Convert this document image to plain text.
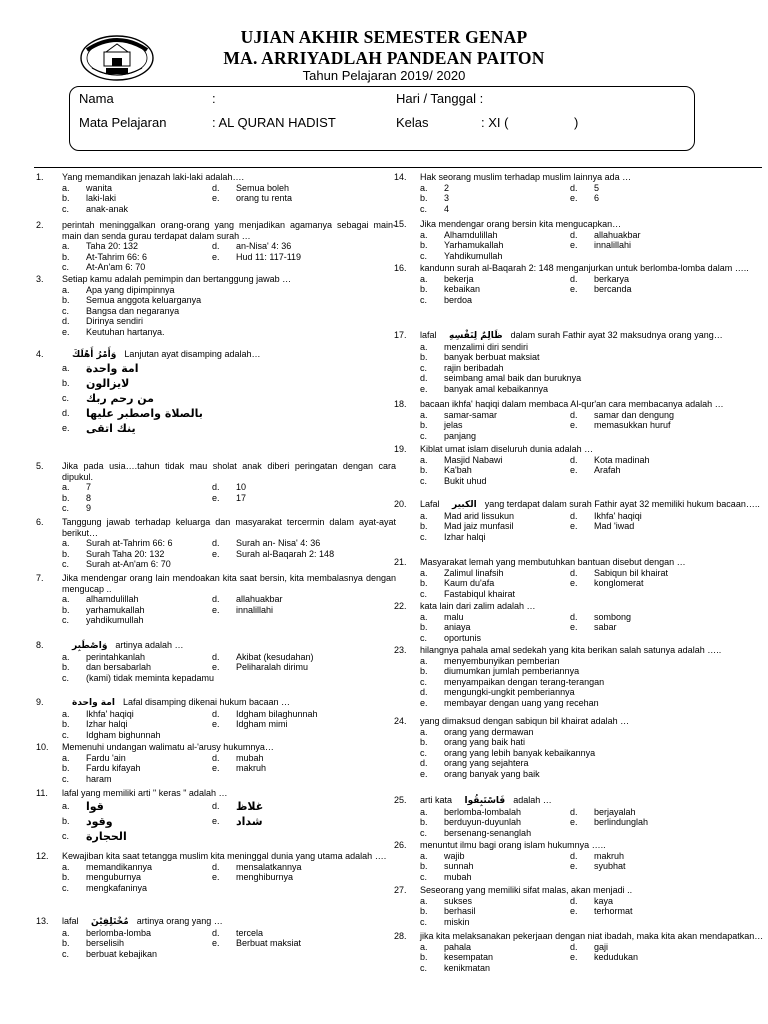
UJIAN AKHIR SEMESTER GENAP
MA. ARRIYADLAH PANDEAN PAITON
Tahun Pelajaran 2019/ 2020
Nama	:	Hari / Tanggal :
Mata Pelajaran	: AL QURAN HADIST	Kelas	: XI (	)
1. Yang memandikan jenazah laki-laki adalah….
a.	wanita	d.	Semua boleh
b.	laki-laki	e.	orang tu renta
c.	anak-anak
2. perintah meninggalkan orang-orang yang menjadikan agamanya sebagai main-main dan senda gurau terdapat dalam surah …
a.	Taha 20: 132	d.	an-Nisa' 4: 36
b.	At-Tahrim 66: 6	e.	Hud 11: 117-119
c.	At-An'am 6: 70
3. Setiap kamu adalah pemimpin dan bertanggung jawab …
a.	Apa yang dipimpinnya
b.	Semua anggota keluarganya
c.	Bangsa dan negaranya
d.	Dirinya sendiri
e.	Keutuhan hartanya.
4.	وَأَمْرُ أَهْلَكَ Lanjutan ayat disamping adalah…
a.	امة واحدة
b.	لايزالون
c.	من رحم ربك
d.	بالصلاة واصطبر عليها
e.	ينك اتقى
5. Jika pada usia….tahun tidak mau sholat anak diberi peringatan dengan cara dipukul.
a.	7	d.	10
b.	8	e.	17
c.	9
6. Tanggung jawab terhadap keluarga dan masyarakat tercermin dalam ayat-ayat berikut…
a.	Surah at-Tahrim 66: 6	d.	Surah an- Nisa' 4: 36
b.	Surah Taha 20: 132	e.	Surah al-Baqarah 2: 148
c.	Surah at-An'am 6: 70
7. Jika mendengar orang lain mendoakan kita saat bersin, kita membalasnya dengan mengucap ..
a.	alhamdulillah	d.	allahuakbar
b.	yarhamukallah	e.	innalillahi
c.	yahdikumullah
8.	وَاصْطَبِر artinya adalah …
a.	perintahkanlah	d.	Akibat (kesudahan)
b.	dan bersabarlah	e.	Peliharalah dirimu
c.	(kami) tidak meminta kepadamu
9.	امة واحدة Lafal disamping dikenai hukum bacaan …
a.	Ikhfa' haqiqi	d.	Idgham bilaghunnah
b.	Izhar halqi	e.	Idgham mimi
c.	Idgham bighunnah
10. Memenuhi undangan walimatu al-'arusy hukumnya…
a.	Fardu 'ain	d.	mubah
b.	Fardu kifayah	e.	makruh
c.	haram
11. lafal yang memiliki arti " keras " adalah …
a.	قوا	d.	غلاظ
b.	وقود	e.	شداد
c.	الحجارة
12. Kewajiban kita saat tetangga muslim kita meninggal dunia yang utama adalah ….
a.	memandikannya	d.	mensalatkannya
b.	menguburnya	e.	menghiburnya
c.	mengkafaninya
13. lafal مُخْتَلِفِيْنَ artinya orang yang …
a.	berlomba-lomba	d.	tercela
b.	berselisih	e.	Berbuat maksiat
c.	berbuat kebajikan
14. Hak seorang muslim terhadap muslim lainnya ada …
a.	2	d.	5
b.	3	e.	6
c.	4
15. Jika mendengar orang bersin kita mengucapkan…
a.	Alhamdulillah	d.	allahuakbar
b.	Yarhamukallah	e.	innalillahi
c.	Yahdikumullah
16. kandunn surah al-Baqarah 2: 148 menganjurkan untuk berlomba-lomba dalam …..
a.	bekerja	d.	berkarya
b.	kebaikan	e.	bercanda
c.	berdoa
17. lafal ظَالِمٌ لِنَفْسِهِ dalam surah Fathir ayat 32 maksudnya orang yang…
a.	menzalimi diri sendiri
b.	banyak berbuat maksiat
c.	rajin beribadah
d.	seimbang amal baik dan buruknya
e.	banyak amal kebaikannya
18. bacaan ikhfa' haqiqi dalam membaca Al-qur'an cara membacanya adalah …
a.	samar-samar	d.	samar dan dengung
b.	jelas	e.	memasukkan huruf
c.	panjang
19. Kiblat umat islam diseluruh dunia adalah …
a.	Masjid Nabawi	d.	Kota madinah
b.	Ka'bah	e.	Arafah
c.	Bukit uhud
20. Lafal الكبير yang terdapat dalam surah Fathir ayat 32 memiliki hukum bacaan…..
a.	Mad arid lissukun	d.	Ikhfa' haqiqi
b.	Mad jaiz munfasil	e.	Mad 'iwad
c.	Izhar halqi
21. Masyarakat lemah yang membutuhkan bantuan disebut dengan …
a.	Zalimul linafsih	d.	Sabiqun bil khairat
b.	Kaum du'afa	e.	konglomerat
c.	Fastabiqul khairat
22. kata lain dari zalim adalah …
a.	malu	d.	sombong
b.	aniaya	e.	sabar
c.	oportunis
23. hilangnya pahala amal sedekah yang kita berikan salah satunya adalah …..
a.	menyembunyikan pemberian
b.	diumumkan jumlah pemberiannya
c.	menyampaikan dengan terang-terangan
d.	mengungki-ungkit pemberiannya
e.	membayar dengan uang yang recehan
24. yang dimaksud dengan sabiqun bil khairat adalah …
a.	orang yang dermawan
b.	orang yang baik hati
c.	orang yang lebih banyak kebaikannya
d.	orang yang sejahtera
e.	orang banyak yang baik
25. arti kata فَاسْتَبِقُوا adalah …
a.	berlomba-lombalah	d.	berjayalah
b.	berduyun-duyunlah	e.	berlindunglah
c.	bersenang-senanglah
26. menuntut ilmu bagi orang islam hukumnya …..
a.	wajib	d.	makruh
b.	sunnah	e.	syubhat
c.	mubah
27. Seseorang yang memiliki sifat malas, akan menjadi ..
a.	sukses	d.	kaya
b.	berhasil	e.	terhormat
c.	miskin
28. jika kita melaksanakan pekerjaan dengan niat ibadah, maka kita akan mendapatkan…
a.	pahala	d.	gaji
b.	kesempatan	e.	kedudukan
c.	kenikmatan
